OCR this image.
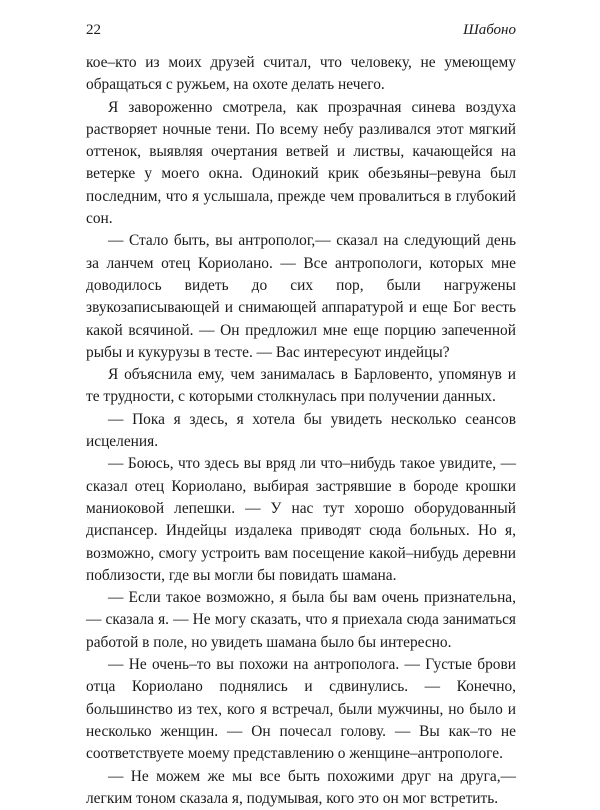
22	Шабоно

кое–кто из моих друзей считал, что человеку, не умеющему обращаться с ружьем, на охоте делать нечего.

Я завороженно смотрела, как прозрачная синева воздуха растворяет ночные тени. По всему небу разливался этот мягкий оттенок, выявляя очертания ветвей и листвы, качающейся на ветерке у моего окна. Одинокий крик обезьяны–ревуна был последним, что я услышала, прежде чем провалиться в глубокий сон.

— Стало быть, вы антрополог,— сказал на следующий день за ланчем отец Кориолано. — Все антропологи, которых мне доводилось видеть до сих пор, были нагружены звукозаписывающей и снимающей аппаратурой и еще Бог весть какой всячиной. — Он предложил мне еще порцию запеченной рыбы и кукурузы в тесте. — Вас интересуют индейцы?

Я объяснила ему, чем занималась в Барловенто, упомянув и те трудности, с которыми столкнулась при получении данных.

— Пока я здесь, я хотела бы увидеть несколько сеансов исцеления.

— Боюсь, что здесь вы вряд ли что–нибудь такое увидите, — сказал отец Кориолано, выбирая застрявшие в бороде крошки маниоковой лепешки. — У нас тут хорошо оборудованный диспансер. Индейцы издалека приводят сюда больных. Но я, возможно, смогу устроить вам посещение какой–нибудь деревни поблизости, где вы могли бы повидать шамана.

— Если такое возможно, я была бы вам очень признательна, — сказала я. — Не могу сказать, что я приехала сюда заниматься работой в поле, но увидеть шамана было бы интересно.

— Не очень–то вы похожи на антрополога. — Густые брови отца Кориолано поднялись и сдвинулись. — Конечно, большинство из тех, кого я встречал, были мужчины, но было и несколько женщин. — Он почесал голову. — Вы как–то не соответствуете моему представлению о женщине–антропологе.

— Не можем же мы все быть похожими друг на друга,— легким тоном сказала я, подумывая, кого это он мог встретить.
